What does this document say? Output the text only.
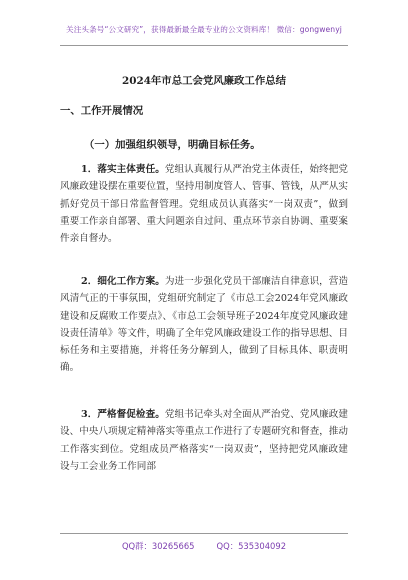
关注头条号“公文研究”，获得最新最全最专业的公文资料库！ 微信：gongwenyj
2024年市总工会党风廉政工作总结
一、工作开展情况
（一）加强组织领导，明确目标任务。
1．落实主体责任。党组认真履行从严治党主体责任，始终把党风廉政建设摆在重要位置，坚持用制度管人、管事、管钱，从严从实抓好党员干部日常监督管理。党组成员认真落实“一岗双责”，做到重要工作亲自部署、重大问题亲自过问、重点环节亲自协调、重要案件亲自督办。
2．细化工作方案。为进一步强化党员干部廉洁自律意识，营造风清气正的干事氛围，党组研究制定了《市总工会2024年党风廉政建设和反腐败工作要点》、《市总工会领导班子2024年度党风廉政建设责任清单》等文件，明确了全年党风廉政建设工作的指导思想、目标任务和主要措施，并将任务分解到人，做到了目标具体、职责明确。
3．严格督促检查。党组书记牵头对全面从严治党、党风廉政建设、中央八项规定精神落实等重点工作进行了专题研究和督查，推动工作落实到位。党组成员严格落实“一岗双责”，坚持把党风廉政建设与工会业务工作同部
QQ群：30265665	QQ：535304092
